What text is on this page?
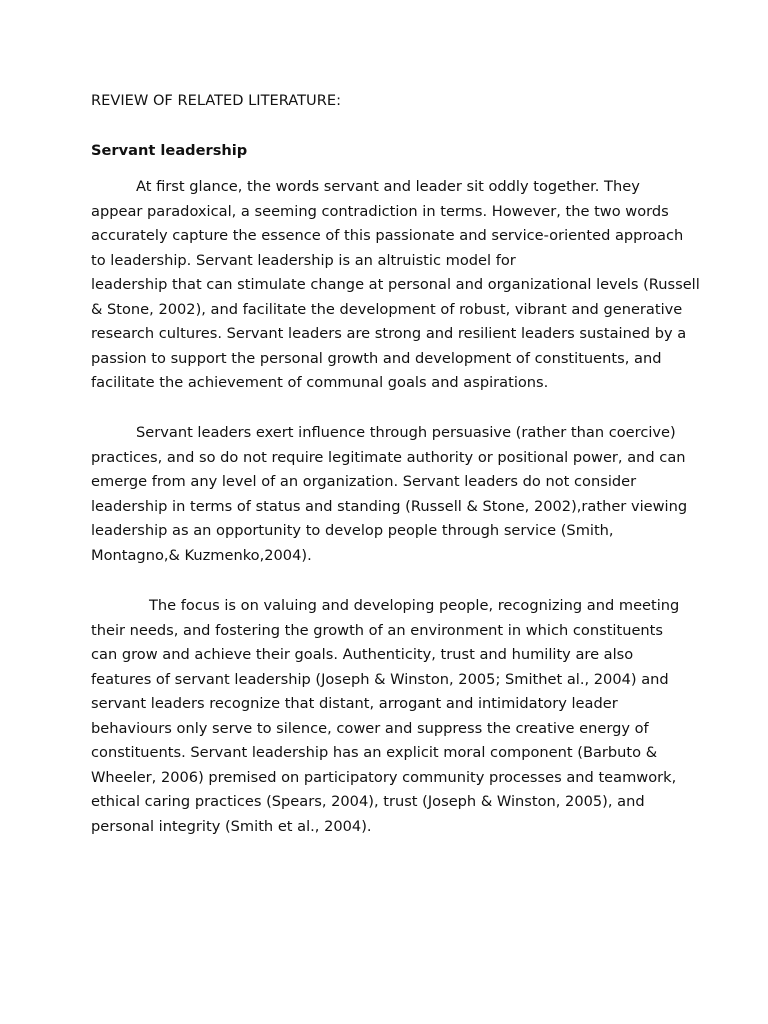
REVIEW OF RELATED LITERATURE:
Servant leadership

At first glance, the words servant and leader sit oddly together. They
appear paradoxical, a seeming contradiction in terms. However, the two words
accurately capture the essence of this passionate and service-oriented approach
to leadership. Servant leadership is an altruistic model for
leadership that can stimulate change at personal and organizational levels (Russell
& Stone, 2002), and facilitate the development of robust, vibrant and generative
research cultures. Servant leaders are strong and resilient leaders sustained by a
passion to support the personal growth and development of constituents, and
facilitate the achievement of communal goals and aspirations.

Servant leaders exert influence through persuasive (rather than coercive)
practices, and so do not require legitimate authority or positional power, and can
emerge from any level of an organization. Servant leaders do not consider
leadership in terms of status and standing (Russell & Stone, 2002),rather viewing
leadership as an opportunity to develop people through service (Smith,
Montagno,& Kuzmenko,2004).

The focus is on valuing and developing people, recognizing and meeting
their needs, and fostering the growth of an environment in which constituents
can grow and achieve their goals. Authenticity, trust and humility are also
features of servant leadership (Joseph & Winston, 2005; Smithet al., 2004) and
servant leaders recognize that distant, arrogant and intimidatory leader
behaviours only serve to silence, cower and suppress the creative energy of
constituents. Servant leadership has an explicit moral component (Barbuto &
Wheeler, 2006) premised on participatory community processes and teamwork,
ethical caring practices (Spears, 2004), trust (Joseph & Winston, 2005), and
personal integrity (Smith et al., 2004).
